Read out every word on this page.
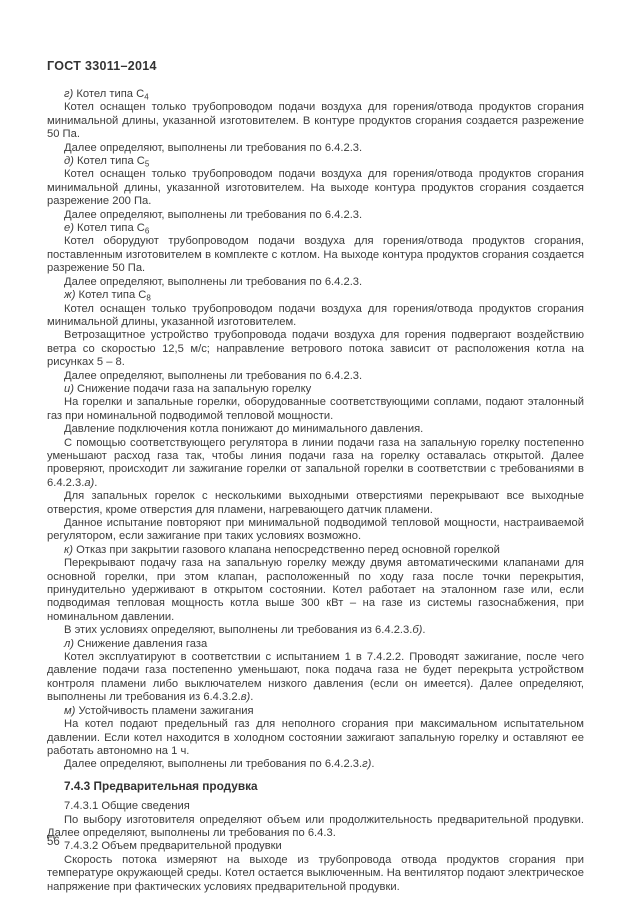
ГОСТ 33011–2014

г) Котел типа $С_4$

Котел оснащен только трубопроводом подачи воздуха для горения/отвода продуктов сгорания минимальной длины, указанной изготовителем. В контуре продуктов сгорания создается разрежение 50 Па.

Далее определяют, выполнены ли требования по 6.4.2.3.

д) Котел типа $С_5$

Котел оснащен только трубопроводом подачи воздуха для горения/отвода продуктов сгорания минимальной длины, указанной изготовителем. На выходе контура продуктов сгорания создается разрежение 200 Па.

Далее определяют, выполнены ли требования по 6.4.2.3.

е) Котел типа $С_6$

Котел оборудуют трубопроводом подачи воздуха для горения/отвода продуктов сгорания, поставленным изготовителем в комплекте с котлом. На выходе контура продуктов сгорания создается разрежение 50 Па.

Далее определяют, выполнены ли требования по 6.4.2.3.

ж) Котел типа $С_8$

Котел оснащен только трубопроводом подачи воздуха для горения/отвода продуктов сгорания минимальной длины, указанной изготовителем.

Ветрозащитное устройство трубопровода подачи воздуха для горения подвергают воздействию ветра со скоростью 12,5 м/с; направление ветрового потока зависит от расположения котла на рисунках 5 – 8.

Далее определяют, выполнены ли требования по 6.4.2.3.

и) Снижение подачи газа на запальную горелку

На горелки и запальные горелки, оборудованные соответствующими соплами, подают эталонный газ при номинальной подводимой тепловой мощности.

Давление подключения котла понижают до минимального давления.

С помощью соответствующего регулятора в линии подачи газа на запальную горелку постепенно уменьшают расход газа так, чтобы линия подачи газа на горелку оставалась открытой. Далее проверяют, происходит ли зажигание горелки от запальной горелки в соответствии с требованиями в 6.4.2.3.а).

Для запальных горелок с несколькими выходными отверстиями перекрывают все выходные отверстия, кроме отверстия для пламени, нагревающего датчик пламени.

Данное испытание повторяют при минимальной подводимой тепловой мощности, настраиваемой регулятором, если зажигание при таких условиях возможно.

к) Отказ при закрытии газового клапана непосредственно перед основной горелкой

Перекрывают подачу газа на запальную горелку между двумя автоматическими клапанами для основной горелки, при этом клапан, расположенный по ходу газа после точки перекрытия, принудительно удерживают в открытом состоянии. Котел работает на эталонном газе или, если подводимая тепловая мощность котла выше 300 кВт – на газе из системы газоснабжения, при номинальном давлении.

В этих условиях определяют, выполнены ли требования из 6.4.2.3.б).

л) Снижение давления газа

Котел эксплуатируют в соответствии с испытанием 1 в 7.4.2.2. Проводят зажигание, после чего давление подачи газа постепенно уменьшают, пока подача газа не будет перекрыта устройством контроля пламени либо выключателем низкого давления (если он имеется). Далее определяют, выполнены ли требования из 6.4.3.2.в).

м) Устойчивость пламени зажигания

На котел подают предельный газ для неполного сгорания при максимальном испытательном давлении. Если котел находится в холодном состоянии зажигают запальную горелку и оставляют ее работать автономно на 1 ч.

Далее определяют, выполнены ли требования по 6.4.2.3.г).

7.4.3 Предварительная продувка

7.4.3.1 Общие сведения

По выбору изготовителя определяют объем или продолжительность предварительной продувки. Далее определяют, выполнены ли требования по 6.4.3.

7.4.3.2 Объем предварительной продувки

Скорость потока измеряют на выходе из трубопровода отвода продуктов сгорания при температуре окружающей среды. Котел остается выключенным. На вентилятор подают электрическое напряжение при фактических условиях предварительной продувки.

56
